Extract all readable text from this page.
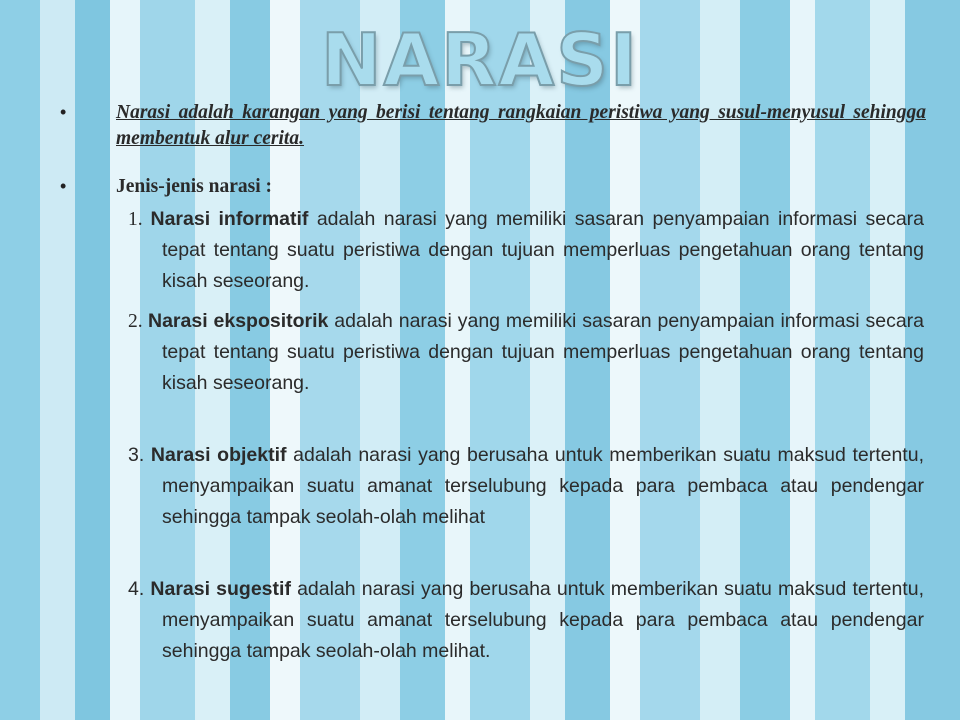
NARASI
•	Narasi adalah karangan yang berisi tentang rangkaian peristiwa yang susul-menyusul sehingga membentuk alur cerita.
•	Jenis-jenis narasi :
1. Narasi informatif adalah narasi yang memiliki sasaran penyampaian informasi secara tepat tentang suatu peristiwa dengan tujuan memperluas pengetahuan orang tentang kisah seseorang.
2. Narasi ekspositorik adalah narasi yang memiliki sasaran penyampaian informasi secara tepat tentang suatu peristiwa dengan tujuan memperluas pengetahuan orang tentang kisah seseorang.
3. Narasi objektif adalah narasi yang berusaha untuk memberikan suatu maksud tertentu, menyampaikan suatu amanat terselubung kepada para pembaca atau pendengar sehingga tampak seolah-olah melihat
4. Narasi sugestif adalah narasi yang berusaha untuk memberikan suatu maksud tertentu, menyampaikan suatu amanat terselubung kepada para pembaca atau pendengar sehingga tampak seolah-olah melihat.
